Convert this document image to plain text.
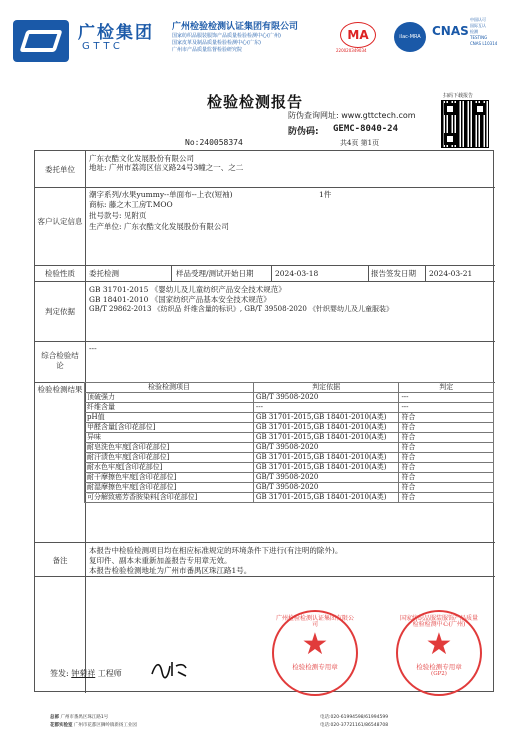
广检集团
GTTC
广州检验检测认证集团有限公司
国家纺织品服装服饰产品质量检验检测中心(广州)
国家皮革及制品质量检验检测中心(广东)
广州市产品质量监督检验研究院
MA
220020349034
ilac-MRA CNAS
中国认可
国际互认
检测
TESTING
CNAS L10314
检验检测报告
防伪查询网址: www.gttctech.com
防伪码: GEMC-8040-24
共4页 第1页
扫码下载报告
No:240058374
委托单位
广东衣酷文化发展股份有限公司
地址: 广州市荔湾区信义路24号3幢之一、之二
客户认定信息
潮字系列/水果yummy--单面布--上衣(短袖)	1件
商标: 藤之木工房T.MOO
批号款号: 见附页
生产单位: 广东衣酷文化发展股份有限公司
检验性质	委托检测	样品受理/测试开始日期	2024-03-18	报告签发日期 2024-03-21
判定依据
GB 31701-2015 《婴幼儿及儿童纺织产品安全技术规范》
GB 18401-2010 《国家纺织产品基本安全技术规范》
GB/T 29862-2013 《纺织品 纤维含量的标识》, GB/T 39508-2020 《针织婴幼儿及儿童服装》
综合检验结论
---
检验检测结果
备注
本报告中检验检测项目均在相应标准规定的环境条件下进行(有注明的除外)。
复印件、副本未重新加盖报告专用章无效。
本报告检验检测地址为广州市番禺区珠江路1号。
检验检测项目	判定依据	判定
顶破强力	GB/T 39508-2020	---
纤维含量	---	---
pH值	GB 31701-2015,GB 18401-2010(A类)	符合
甲醛含量[含印花部位]	GB 31701-2015,GB 18401-2010(A类)	符合
异味	GB 31701-2015,GB 18401-2010(A类)	符合
耐皂洗色牢度[含印花部位]	GB/T 39508-2020	符合
耐汗渍色牢度[含印花部位]	GB 31701-2015,GB 18401-2010(A类)	符合
耐水色牢度[含印花部位]	GB 31701-2015,GB 18401-2010(A类)	符合
耐干摩擦色牢度[含印花部位]	GB/T 39508-2020	符合
耐湿摩擦色牢度[含印花部位]	GB/T 39508-2020	符合
可分解致癌芳香胺染料[含印花部位]	GB 31701-2015,GB 18401-2010(A类)	符合
签发: 钟菊祥 工程师
广州检验检测认证集团有限公司
★
检验检测专用章
国家纺织品服装服饰产品质量检验检测中心(广州)
★
检验检测专用章
(GP2)
总部 广州市番禺区珠江路1号	电话:020-61994598/61994599
花都实验室 广州市花都区狮岭镇新扬工业园	电话:020-37721161/86548708
